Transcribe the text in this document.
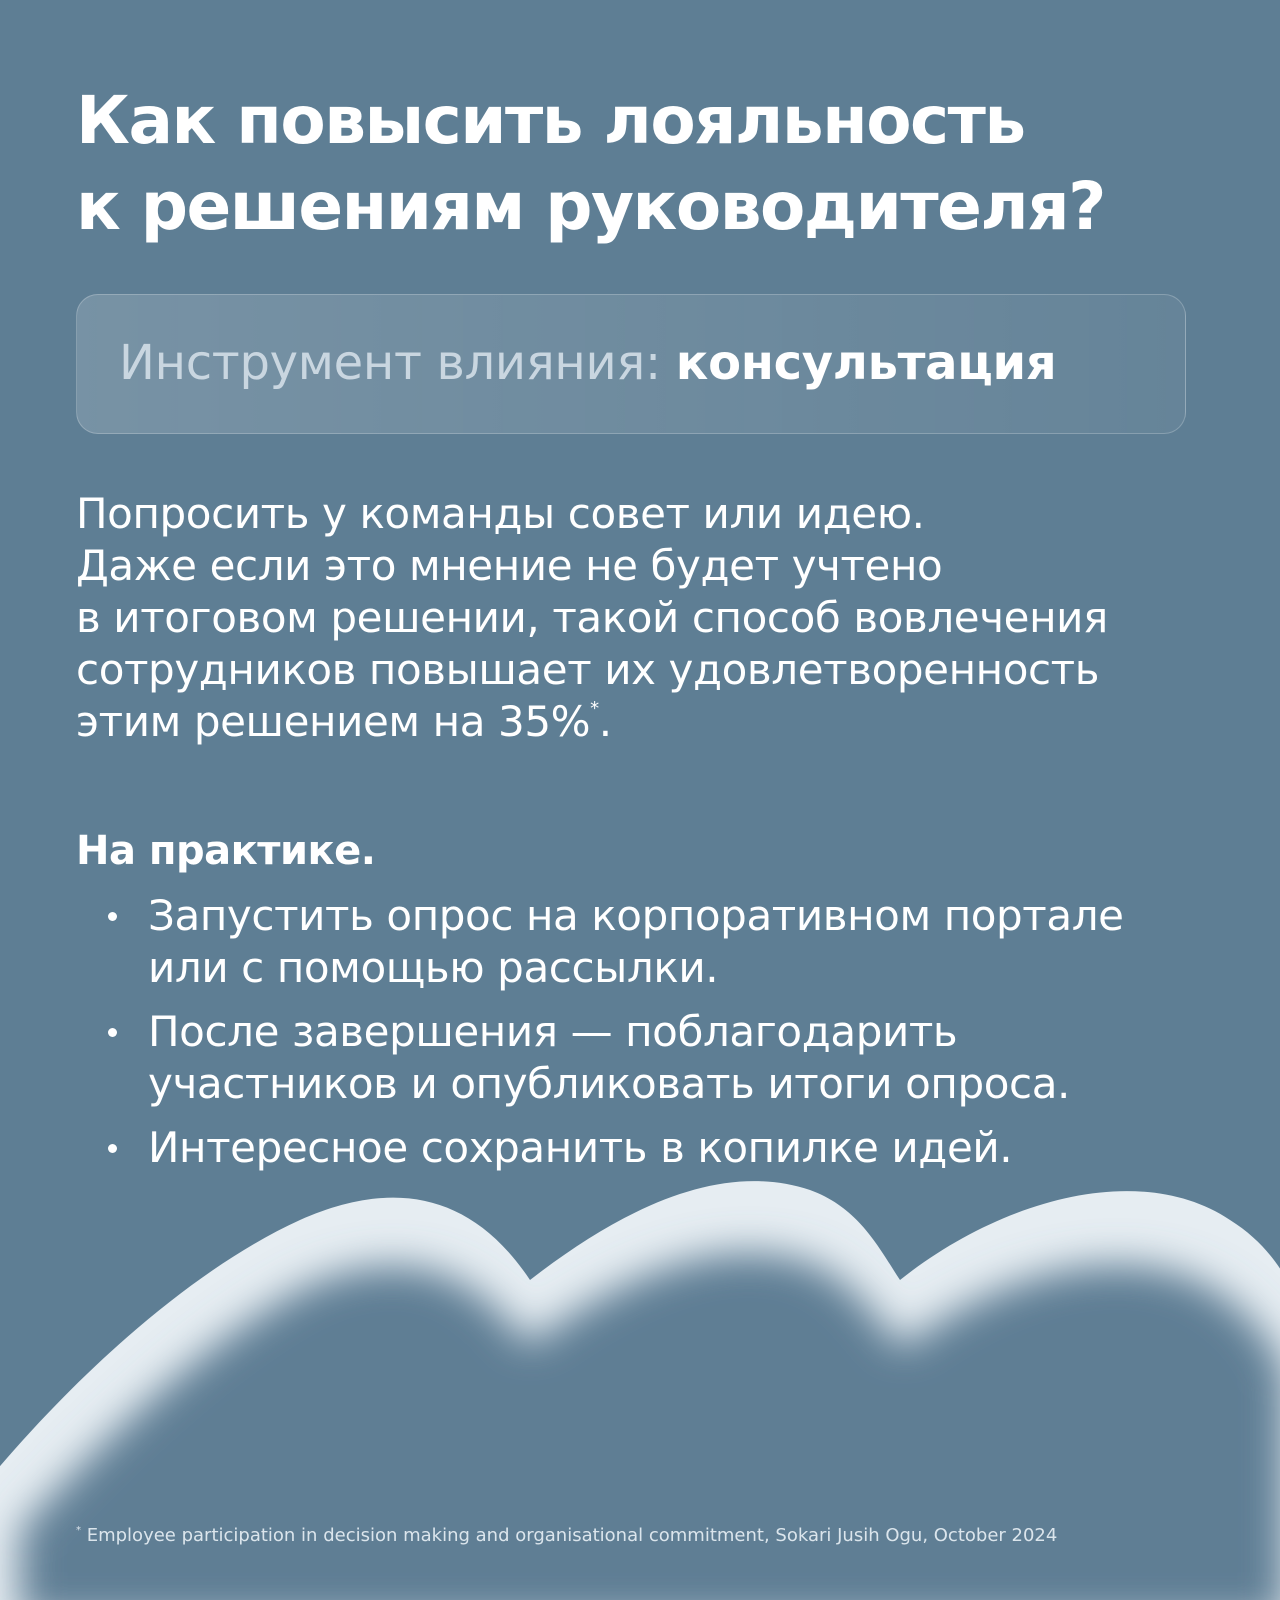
Как повысить лояльность
к решениям руководителя?
Инструмент влияния: консультация
Попросить у команды совет или идею.
Даже если это мнение не будет учтено
в итоговом решении, такой способ вовлечения
сотрудников повышает их удовлетворенность
этим решением на 35%*.
На практике.
Запустить опрос на корпоративном портале
или с помощью рассылки.
После завершения — поблагодарить
участников и опубликовать итоги опроса.
Интересное сохранить в копилке идей.
* Employee participation in decision making and organisational commitment, Sokari Jusih Ogu, October 2024
